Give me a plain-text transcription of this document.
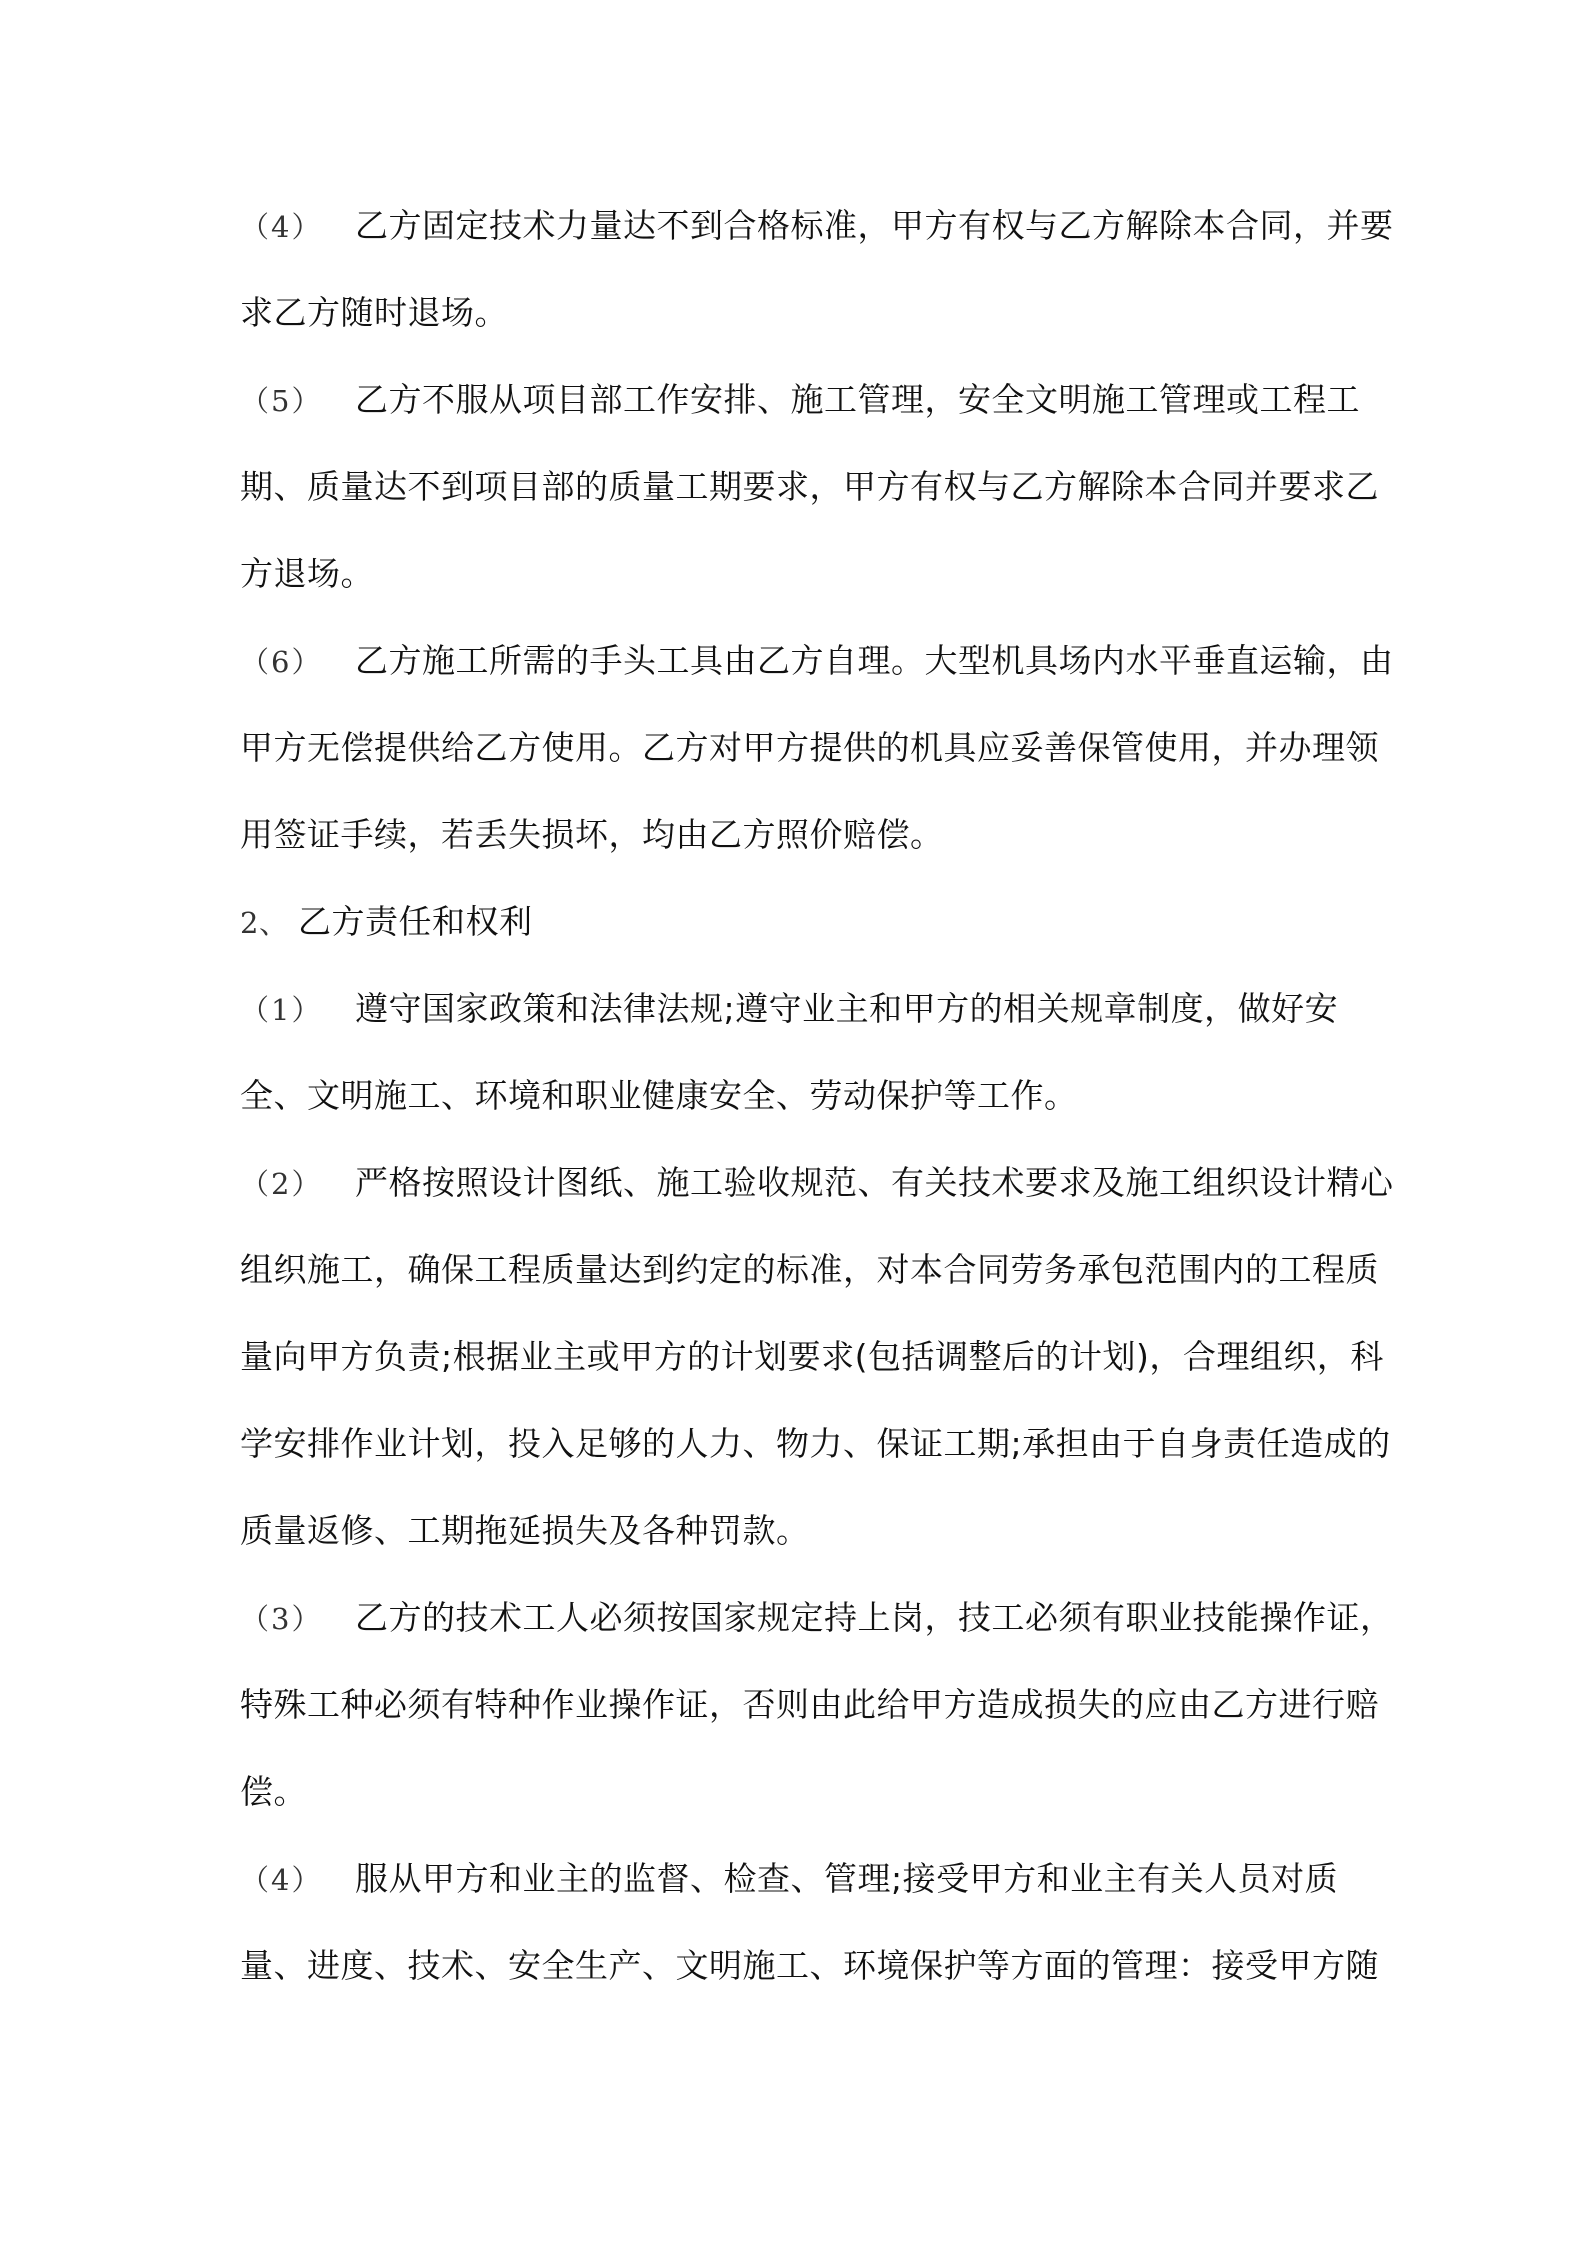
（4） 乙方固定技术力量达不到合格标准，甲方有权与乙方解除本合同，并要
求乙方随时退场。
（5） 乙方不服从项目部工作安排、施工管理，安全文明施工管理或工程工
期、质量达不到项目部的质量工期要求，甲方有权与乙方解除本合同并要求乙
方退场。
（6） 乙方施工所需的手头工具由乙方自理。大型机具场内水平垂直运输，由
甲方无偿提供给乙方使用。乙方对甲方提供的机具应妥善保管使用，并办理领
用签证手续，若丢失损坏，均由乙方照价赔偿。
2、 乙方责任和权利
（1） 遵守国家政策和法律法规;遵守业主和甲方的相关规章制度，做好安
全、文明施工、环境和职业健康安全、劳动保护等工作。
（2） 严格按照设计图纸、施工验收规范、有关技术要求及施工组织设计精心
组织施工，确保工程质量达到约定的标准，对本合同劳务承包范围内的工程质
量向甲方负责;根据业主或甲方的计划要求(包括调整后的计划)，合理组织，科
学安排作业计划，投入足够的人力、物力、保证工期;承担由于自身责任造成的
质量返修、工期拖延损失及各种罚款。
（3） 乙方的技术工人必须按国家规定持上岗，技工必须有职业技能操作证，
特殊工种必须有特种作业操作证，否则由此给甲方造成损失的应由乙方进行赔
偿。
（4） 服从甲方和业主的监督、检查、管理;接受甲方和业主有关人员对质
量、进度、技术、安全生产、文明施工、环境保护等方面的管理：接受甲方随
